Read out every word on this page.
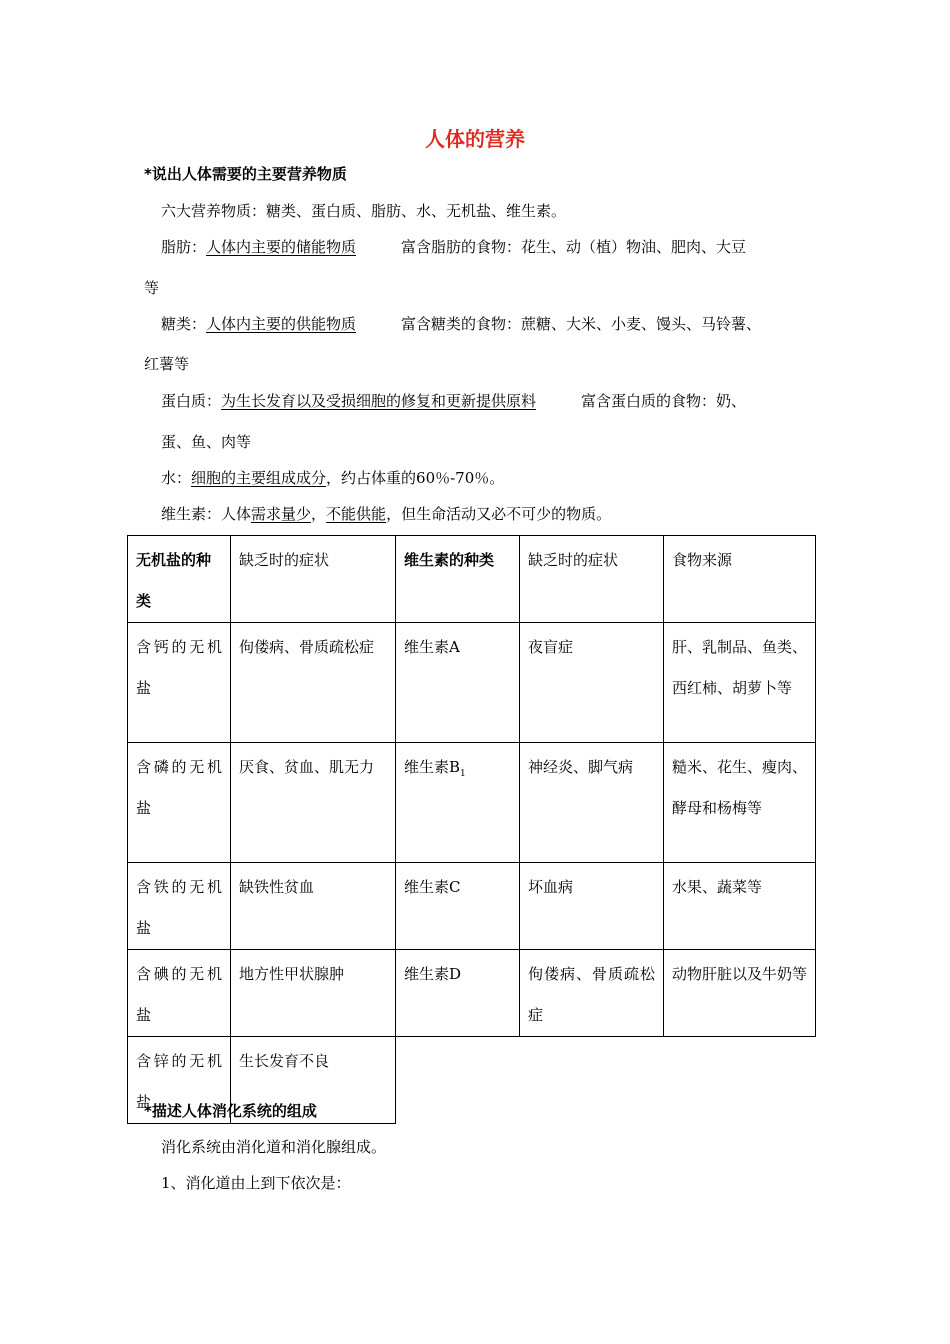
人体的营养
*说出人体需要的主要营养物质
六大营养物质：糖类、蛋白质、脂肪、水、无机盐、维生素。
脂肪：人体内主要的储能物质	富含脂肪的食物：花生、动（植）物油、肥肉、大豆
等
糖类：人体内主要的供能物质	富含糖类的食物：蔗糖、大米、小麦、馒头、马铃薯、
红薯等
蛋白质：为生长发育以及受损细胞的修复和更新提供原料	富含蛋白质的食物：奶、
蛋、鱼、肉等
水：细胞的主要组成成分，约占体重的60％-70％。
维生素：人体需求量少，不能供能，但生命活动又必不可少的物质。
无机盐的种类	缺乏时的症状	维生素的种类	缺乏时的症状	食物来源
含钙的无机盐	佝偻病、骨质疏松症	维生素A	夜盲症	肝、乳制品、鱼类、西红柿、胡萝卜等
含磷的无机盐	厌食、贫血、肌无力	维生素$B_1$	神经炎、脚气病	糙米、花生、瘦肉、酵母和杨梅等
含铁的无机盐	缺铁性贫血	维生素C	坏血病	水果、蔬菜等
含碘的无机盐	地方性甲状腺肿	维生素D	佝偻病、骨质疏松症	动物肝脏以及牛奶等
含锌的无机盐	生长发育不良			
*描述人体消化系统的组成
消化系统由消化道和消化腺组成。
1、消化道由上到下依次是：
